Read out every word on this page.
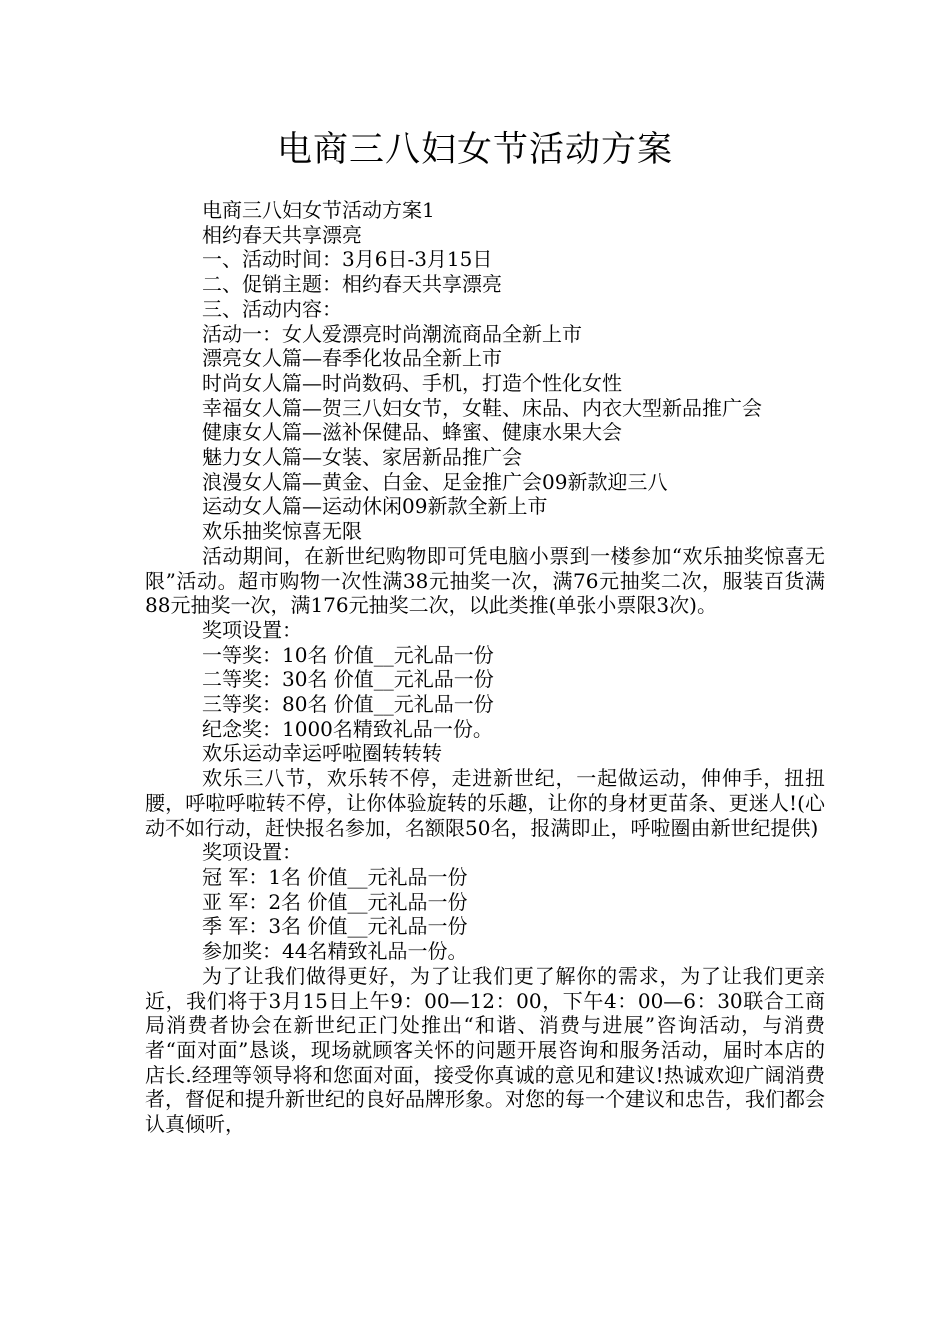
电商三八妇女节活动方案

电商三八妇女节活动方案1

相约春天共享漂亮

一、活动时间：3月6日-3月15日

二、促销主题：相约春天共享漂亮

三、活动内容：

活动一：女人爱漂亮时尚潮流商品全新上市

漂亮女人篇—春季化妆品全新上市

时尚女人篇—时尚数码、手机，打造个性化女性

幸福女人篇—贺三八妇女节，女鞋、床品、内衣大型新品推广会

健康女人篇—滋补保健品、蜂蜜、健康水果大会

魅力女人篇—女装、家居新品推广会

浪漫女人篇—黄金、白金、足金推广会09新款迎三八

运动女人篇—运动休闲09新款全新上市

欢乐抽奖惊喜无限

活动期间，在新世纪购物即可凭电脑小票到一楼参加“欢乐抽奖惊喜无限”活动。超市购物一次性满38元抽奖一次，满76元抽奖二次，服装百货满88元抽奖一次，满176元抽奖二次，以此类推(单张小票限3次)。

奖项设置：

一等奖：10名 价值__元礼品一份

二等奖：30名 价值__元礼品一份

三等奖：80名 价值__元礼品一份

纪念奖：1000名精致礼品一份。

欢乐运动幸运呼啦圈转转转

欢乐三八节，欢乐转不停，走进新世纪，一起做运动，伸伸手，扭扭腰，呼啦呼啦转不停，让你体验旋转的乐趣，让你的身材更苗条、更迷人!(心动不如行动，赶快报名参加，名额限50名，报满即止，呼啦圈由新世纪提供)

奖项设置：

冠 军：1名 价值__元礼品一份

亚 军：2名 价值__元礼品一份

季 军：3名 价值__元礼品一份

参加奖：44名精致礼品一份。

为了让我们做得更好，为了让我们更了解你的需求，为了让我们更亲近，我们将于3月15日上午9：00—12：00，下午4：00—6：30联合工商局消费者协会在新世纪正门处推出“和谐、消费与进展”咨询活动，与消费者“面对面”恳谈，现场就顾客关怀的问题开展咨询和服务活动，届时本店的店长.经理等领导将和您面对面，接受你真诚的意见和建议!热诚欢迎广阔消费者，督促和提升新世纪的良好品牌形象。对您的每一个建议和忠告，我们都会认真倾听，
